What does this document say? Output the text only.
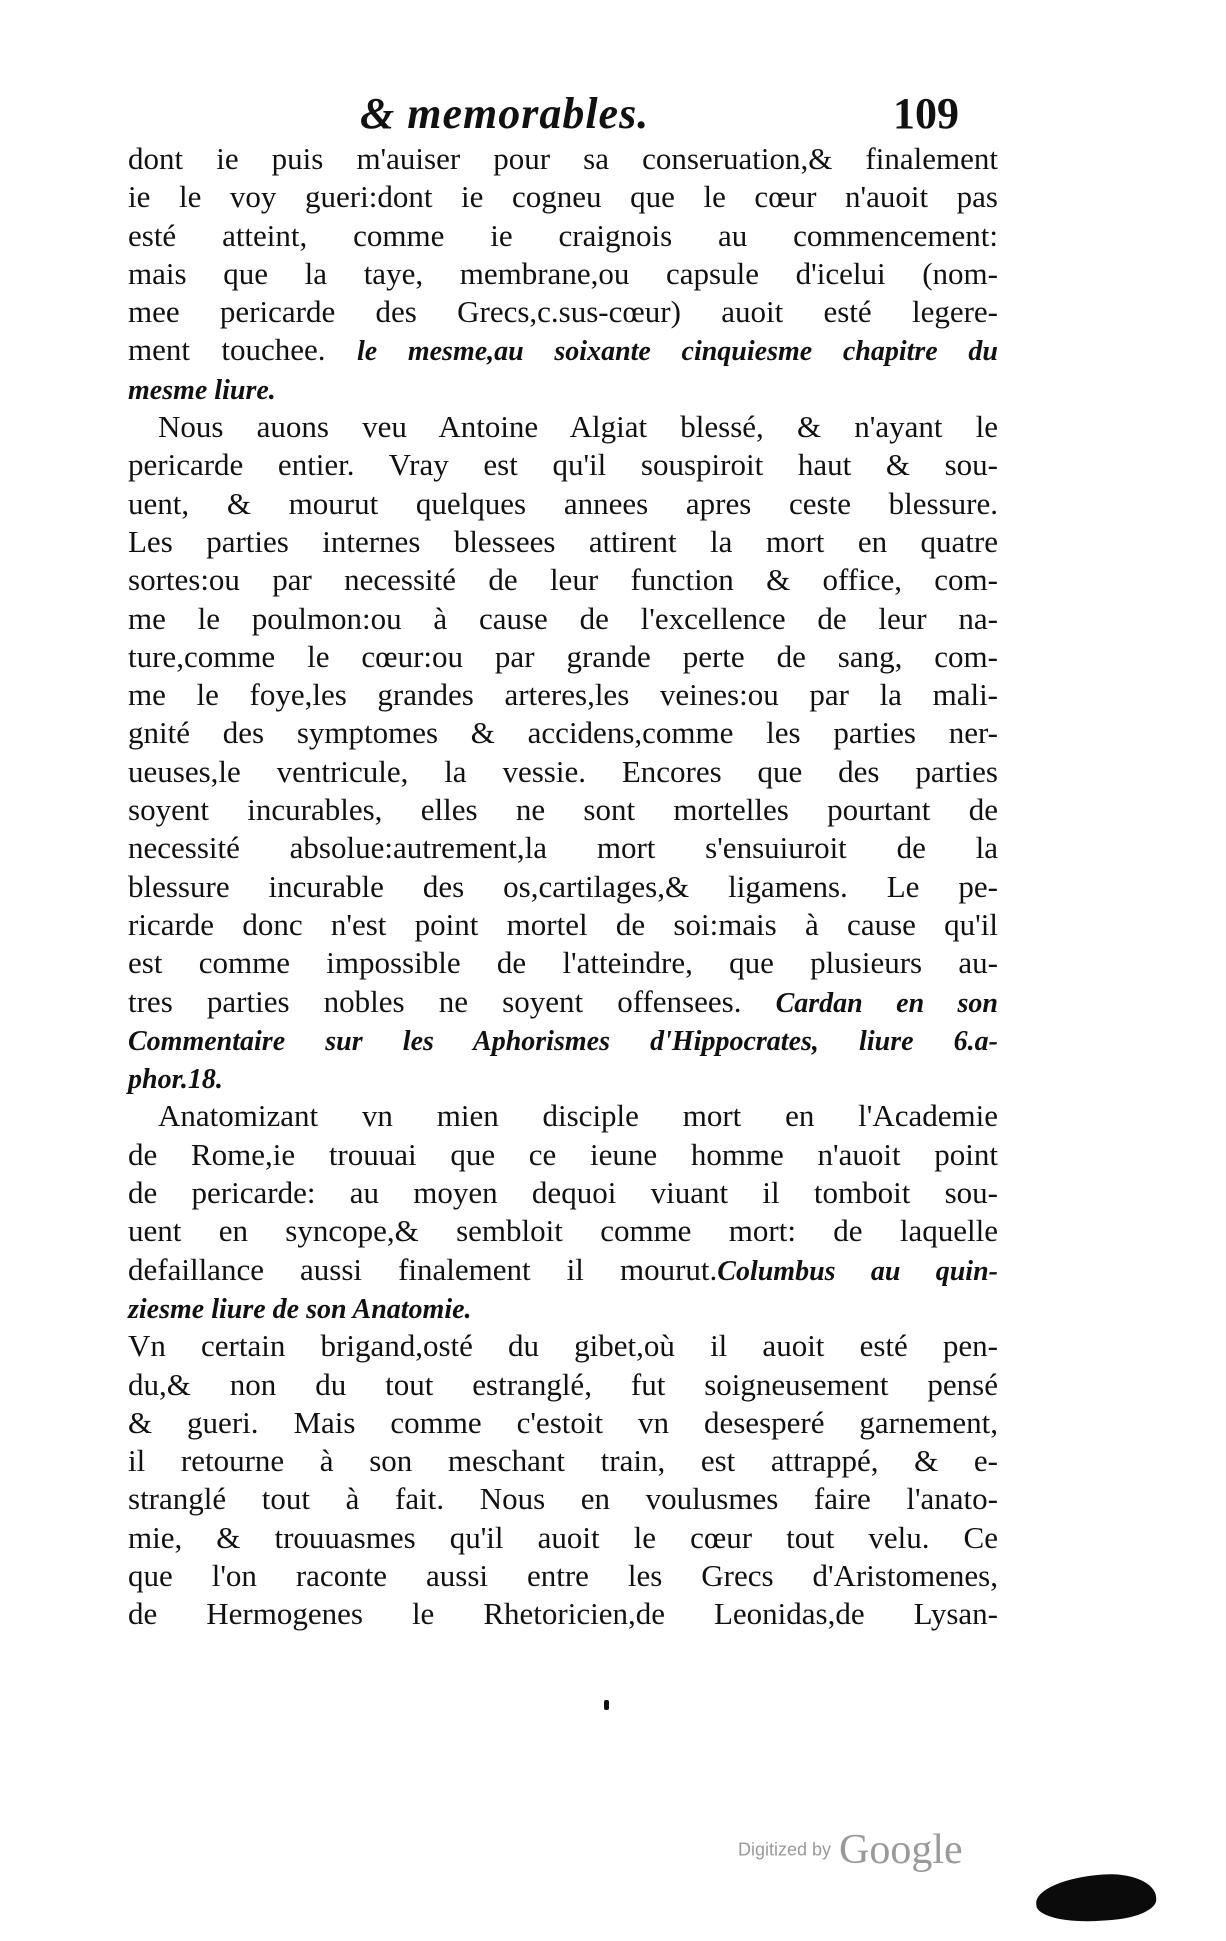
& memorables.	109
dont ie puis m'auiser pour sa conseruation,& finalement
ie le voy gueri:dont ie cogneu que le cœur n'auoit pas
esté atteint, comme ie craignois au commencement:
mais que la taye, membrane,ou capsule d'icelui (nom-
mee pericarde des Grecs,c.sus-cœur) auoit esté legere-
ment touchee. le mesme,au soixante cinquiesme chapitre du
mesme liure.
Nous auons veu Antoine Algiat blessé, & n'ayant le
pericarde entier. Vray est qu'il souspiroit haut & sou-
uent, & mourut quelques annees apres ceste blessure.
Les parties internes blessees attirent la mort en quatre
sortes:ou par necessité de leur function & office, com-
me le poulmon:ou à cause de l'excellence de leur na-
ture,comme le cœur:ou par grande perte de sang, com-
me le foye,les grandes arteres,les veines:ou par la mali-
gnité des symptomes & accidens,comme les parties ner-
ueuses,le ventricule, la vessie. Encores que des parties
soyent incurables, elles ne sont mortelles pourtant de
necessité absolue:autrement,la mort s'ensuiuroit de la
blessure incurable des os,cartilages,& ligamens. Le pe-
ricarde donc n'est point mortel de soi:mais à cause qu'il
est comme impossible de l'atteindre, que plusieurs au-
tres parties nobles ne soyent offensees. Cardan en son
Commentaire sur les Aphorismes d'Hippocrates, liure 6.a-
phor.18.
Anatomizant vn mien disciple mort en l'Academie
de Rome,ie trouuai que ce ieune homme n'auoit point
de pericarde: au moyen dequoi viuant il tomboit sou-
uent en syncope,& sembloit comme mort: de laquelle
defaillance aussi finalement il mourut.Columbus au quin-
ziesme liure de son Anatomie.
Vn certain brigand,osté du gibet,où il auoit esté pen-
du,& non du tout estranglé, fut soigneusement pensé
& gueri. Mais comme c'estoit vn desesperé garnement,
il retourne à son meschant train, est attrappé, & e-
stranglé tout à fait. Nous en voulusmes faire l'anato-
mie, & trouuasmes qu'il auoit le cœur tout velu. Ce
que l'on raconte aussi entre les Grecs d'Aristomenes,
de Hermogenes le Rhetoricien,de Leonidas,de Lysan-
Digitized by Google
